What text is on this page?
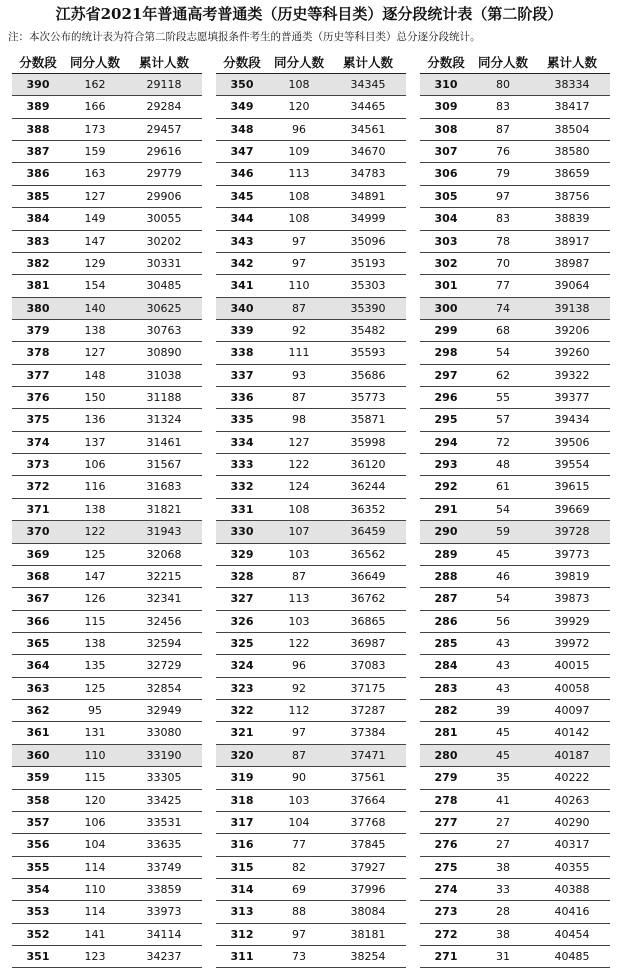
江苏省2021年普通高考普通类（历史等科目类）逐分段统计表（第二阶段）
注：本次公布的统计表为符合第二阶段志愿填报条件考生的普通类（历史等科目类）总分逐分段统计。
分数段	同分人数	累计人数
390	162	29118
389	166	29284
388	173	29457
387	159	29616
386	163	29779
385	127	29906
384	149	30055
383	147	30202
382	129	30331
381	154	30485
380	140	30625
379	138	30763
378	127	30890
377	148	31038
376	150	31188
375	136	31324
374	137	31461
373	106	31567
372	116	31683
371	138	31821
370	122	31943
369	125	32068
368	147	32215
367	126	32341
366	115	32456
365	138	32594
364	135	32729
363	125	32854
362	95	32949
361	131	33080
360	110	33190
359	115	33305
358	120	33425
357	106	33531
356	104	33635
355	114	33749
354	110	33859
353	114	33973
352	141	34114
351	123	34237
分数段	同分人数	累计人数
350	108	34345
349	120	34465
348	96	34561
347	109	34670
346	113	34783
345	108	34891
344	108	34999
343	97	35096
342	97	35193
341	110	35303
340	87	35390
339	92	35482
338	111	35593
337	93	35686
336	87	35773
335	98	35871
334	127	35998
333	122	36120
332	124	36244
331	108	36352
330	107	36459
329	103	36562
328	87	36649
327	113	36762
326	103	36865
325	122	36987
324	96	37083
323	92	37175
322	112	37287
321	97	37384
320	87	37471
319	90	37561
318	103	37664
317	104	37768
316	77	37845
315	82	37927
314	69	37996
313	88	38084
312	97	38181
311	73	38254
分数段	同分人数	累计人数
310	80	38334
309	83	38417
308	87	38504
307	76	38580
306	79	38659
305	97	38756
304	83	38839
303	78	38917
302	70	38987
301	77	39064
300	74	39138
299	68	39206
298	54	39260
297	62	39322
296	55	39377
295	57	39434
294	72	39506
293	48	39554
292	61	39615
291	54	39669
290	59	39728
289	45	39773
288	46	39819
287	54	39873
286	56	39929
285	43	39972
284	43	40015
283	43	40058
282	39	40097
281	45	40142
280	45	40187
279	35	40222
278	41	40263
277	27	40290
276	27	40317
275	38	40355
274	33	40388
273	28	40416
272	38	40454
271	31	40485
